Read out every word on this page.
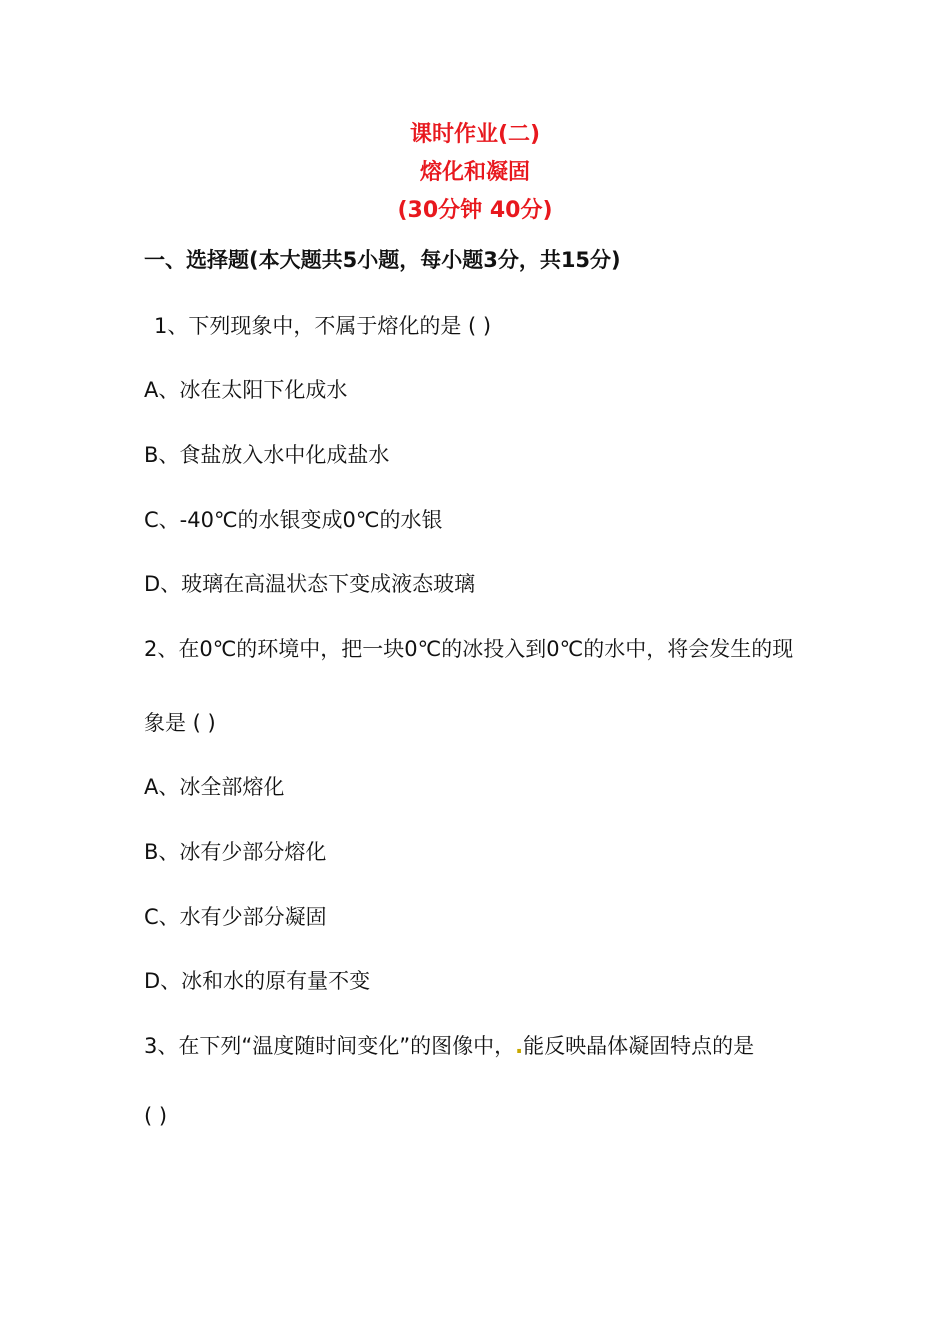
课时作业(二)
熔化和凝固
(30分钟 40分)
一、选择题(本大题共5小题，每小题3分，共15分)
1、下列现象中，不属于熔化的是 ( )
A、冰在太阳下化成水
B、食盐放入水中化成盐水
C、-40℃的水银变成0℃的水银
D、玻璃在高温状态下变成液态玻璃
2、在0℃的环境中，把一块0℃的冰投入到0℃的水中，将会发生的现
象是 ( )
A、冰全部熔化
B、冰有少部分熔化
C、水有少部分凝固
D、冰和水的原有量不变
3、在下列“温度随时间变化”的图像中，.能反映晶体凝固特点的是
( )
